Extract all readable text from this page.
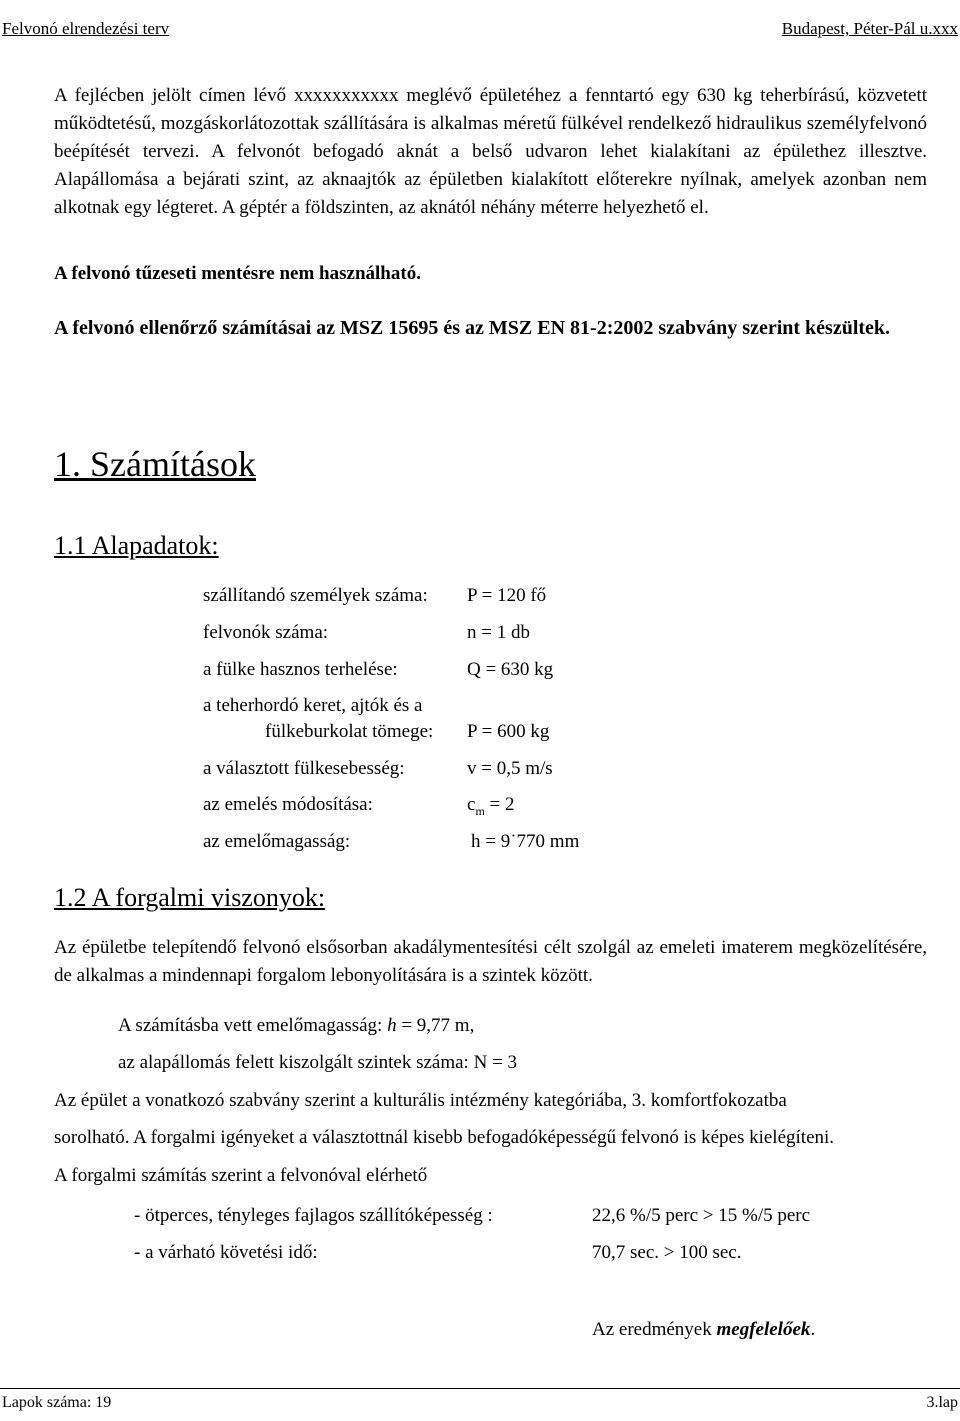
Felvonó elrendezési terv	Budapest, Péter-Pál u.xxx

A fejlécben jelölt címen lévő xxxxxxxxxxx meglévő épületéhez a fenntartó egy 630 kg teherbírású, közvetett működtetésű, mozgáskorlátozottak szállítására is alkalmas méretű fülkével rendelkező hidraulikus személyfelvonó beépítését tervezi. A felvonót befogadó aknát a belső udvaron lehet kialakítani az épülethez illesztve. Alapállomása a bejárati szint, az aknaajtók az épületben kialakított előterekre nyílnak, amelyek azonban nem alkotnak egy légteret. A géptér a földszinten, az aknától néhány méterre helyezhető el.

A felvonó tűzeseti mentésre nem használható.
A felvonó ellenőrző számításai az MSZ 15695 és az MSZ EN 81-2:2002 szabvány szerint készültek.
1. Számítások
1.1 Alapadatok:
szállítandó személyek száma: P = 120 fő
felvonók száma:	n = 1 db
a fülke hasznos terhelése:	Q = 630 kg
a teherhordó keret, ajtók és a
fülkeburkolat tömege: P = 600 kg
a választott fülkesebesség:	v = 0,5 m/s
az emelés módosítása:	$c_m = 2$
az emelőmagasság:	h = 9˙770 mm
1.2 A forgalmi viszonyok:

Az épületbe telepítendő felvonó elsősorban akadálymentesítési célt szolgál az emeleti imaterem megközelítésére, de alkalmas a mindennapi forgalom lebonyolítására is a szintek között.

A számításba vett emelőmagasság: h = 9,77 m,
az alapállomás felett kiszolgált szintek száma: N = 3
Az épület a vonatkozó szabvány szerint a kulturális intézmény kategóriába, 3. komfortfokozatba
sorolható. A forgalmi igényeket a választottnál kisebb befogadóképességű felvonó is képes kielégíteni.
A forgalmi számítás szerint a felvonóval elérhető
- ötperces, tényleges fajlagos szállítóképesség :	22,6 %/5 perc > 15 %/5 perc
- a várható követési idő:	70,7 sec. > 100 sec.
Az eredmények megfelelőek.
Lapok száma: 19	3.lap
